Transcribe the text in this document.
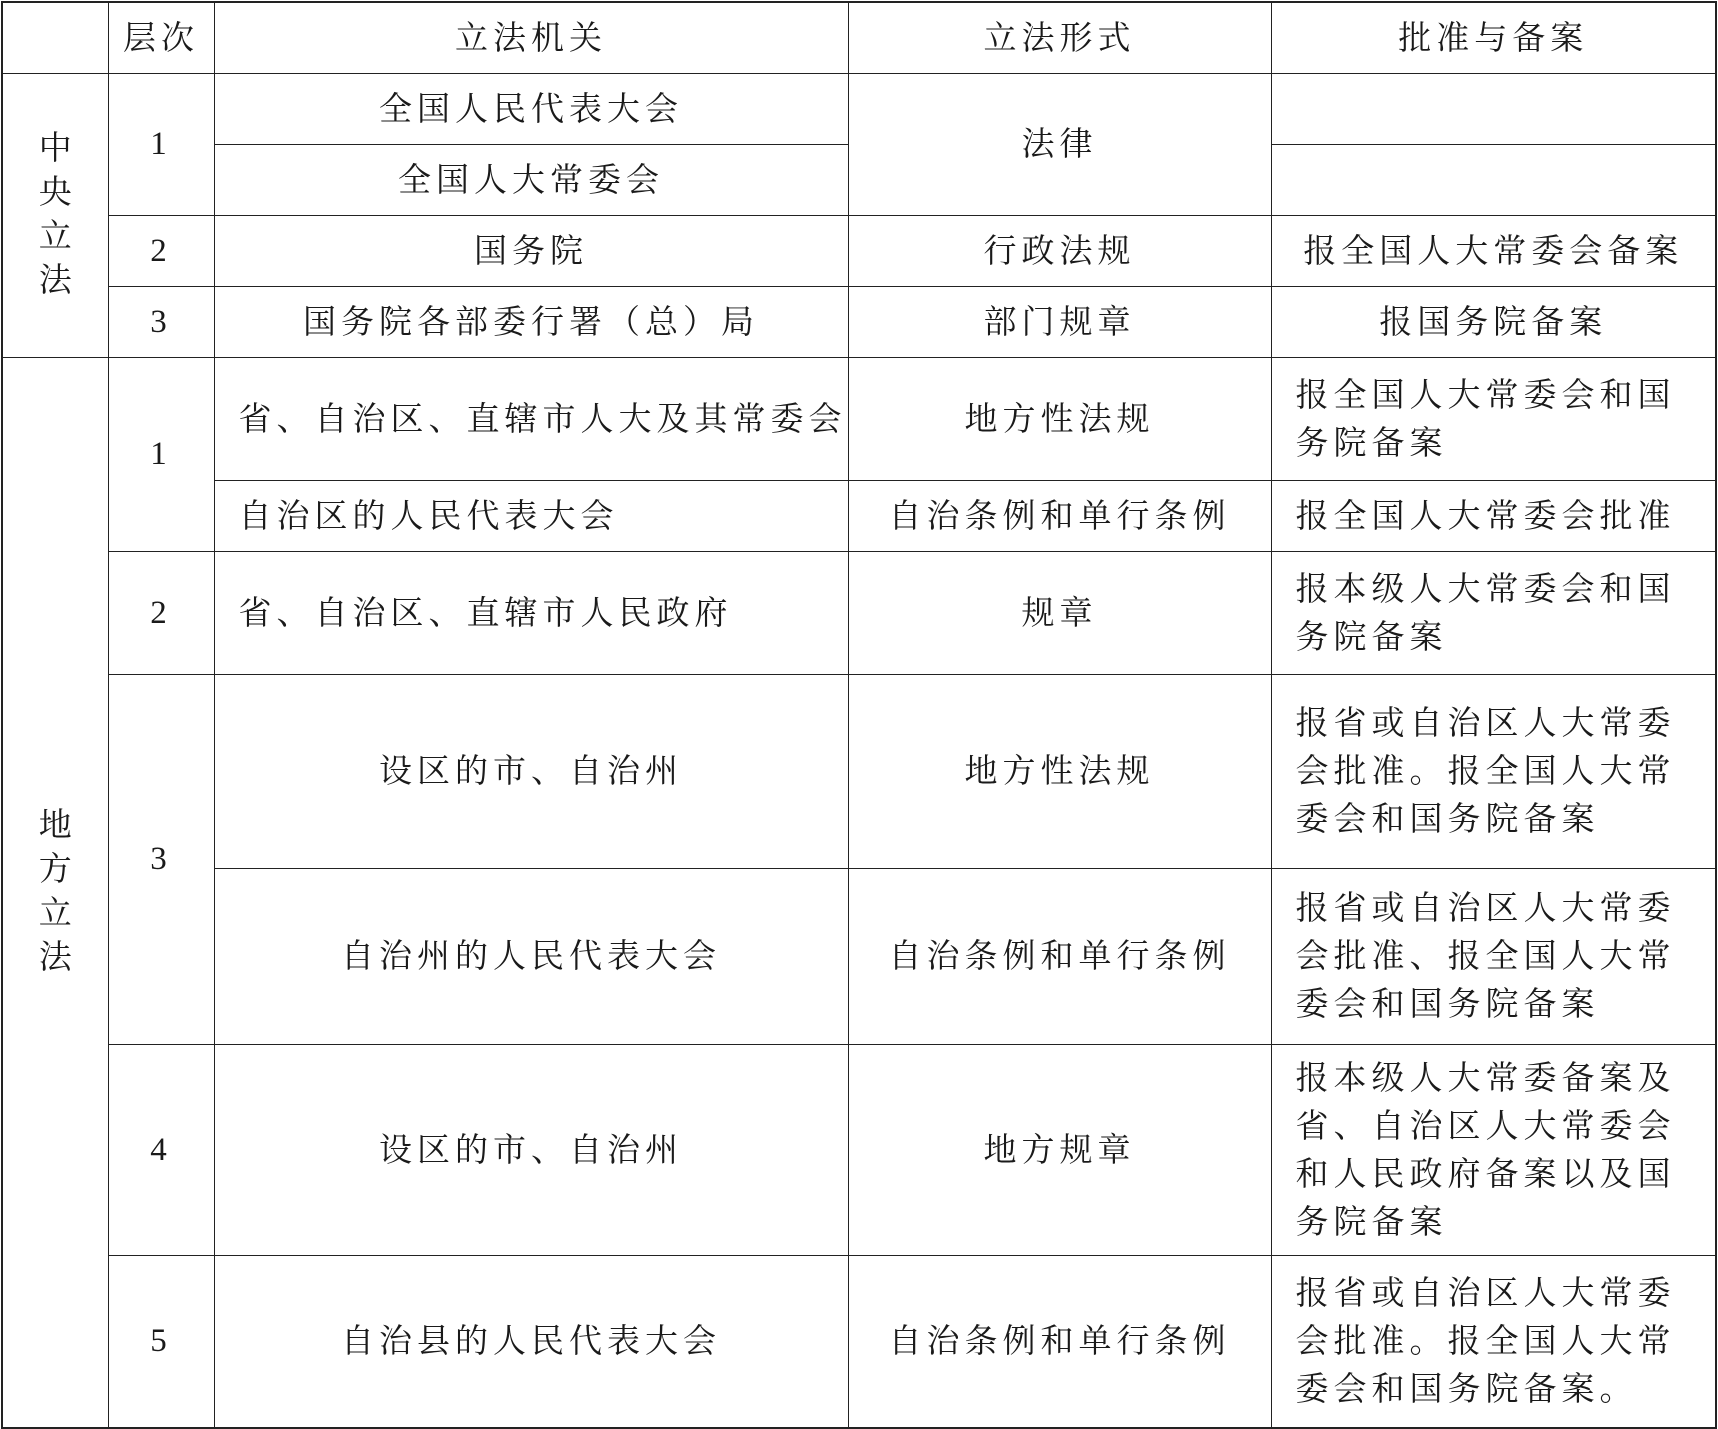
	层次	立法机关	立法形式	批准与备案
中央立法	1	全国人民代表大会	法律	
		全国人大常委会		
	2	国务院	行政法规	报全国人大常委会备案
	3	国务院各部委行署（总）局	部门规章	报国务院备案
地方立法	1	省、自治区、直辖市人大及其常委会	地方性法规	报全国人大常委会和国务院备案
		自治区的人民代表大会	自治条例和单行条例	报全国人大常委会批准
	2	省、自治区、直辖市人民政府	规章	报本级人大常委会和国务院备案
	3	设区的市、自治州	地方性法规	报省或自治区人大常委会批准。报全国人大常委会和国务院备案
		自治州的人民代表大会	自治条例和单行条例	报省或自治区人大常委会批准、报全国人大常委会和国务院备案
	4	设区的市、自治州	地方规章	报本级人大常委备案及省、自治区人大常委会和人民政府备案以及国务院备案
	5	自治县的人民代表大会	自治条例和单行条例	报省或自治区人大常委会批准。报全国人大常委会和国务院备案。
